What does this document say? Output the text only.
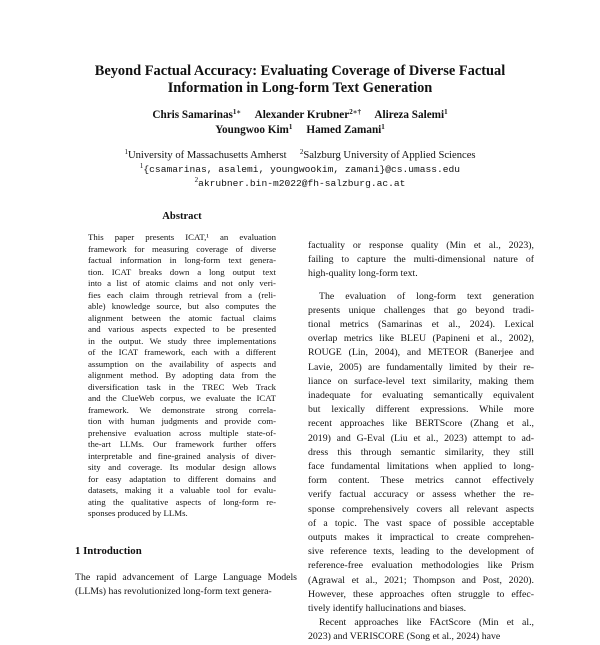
Beyond Factual Accuracy: Evaluating Coverage of Diverse Factual
Information in Long-form Text Generation
Chris Samarinas$^{1∗}$ Alexander Krubner$^{2∗\dagger}$ Alireza Salemi$^1$
Youngwoo Kim$^1$ Hamed Zamani$^1$
$^1$University of Massachusetts Amherst $^2$Salzburg University of Applied Sciences
$^1${csamarinas, asalemi, youngwookim, zamani}@cs.umass.edu
$^2$akrubner.bin-m2022@fh-salzburg.ac.at
Abstract
This paper presents ICAT,¹ an evaluation
framework for measuring coverage of diverse
factual information in long-form text genera-
tion. ICAT breaks down a long output text
into a list of atomic claims and not only veri-
fies each claim through retrieval from a (reli-
able) knowledge source, but also computes the
alignment between the atomic factual claims
and various aspects expected to be presented
in the output. We study three implementations
of the ICAT framework, each with a different
assumption on the availability of aspects and
alignment method. By adopting data from the
diversification task in the TREC Web Track
and the ClueWeb corpus, we evaluate the ICAT
framework. We demonstrate strong correla-
tion with human judgments and provide com-
prehensive evaluation across multiple state-of-
the-art LLMs. Our framework further offers
interpretable and fine-grained analysis of diver-
sity and coverage. Its modular design allows
for easy adaptation to different domains and
datasets, making it a valuable tool for evalu-
ating the qualitative aspects of long-form re-
sponses produced by LLMs.
1 Introduction
The rapid advancement of Large Language Models
(LLMs) has revolutionized long-form text genera-
factuality or response quality (Min et al., 2023),
failing to capture the multi-dimensional nature of
high-quality long-form text.
The evaluation of long-form text generation
presents unique challenges that go beyond tradi-
tional metrics (Samarinas et al., 2024). Lexical
overlap metrics like BLEU (Papineni et al., 2002),
ROUGE (Lin, 2004), and METEOR (Banerjee and
Lavie, 2005) are fundamentally limited by their re-
liance on surface-level text similarity, making them
inadequate for evaluating semantically equivalent
but lexically different expressions. While more
recent approaches like BERTScore (Zhang et al.,
2019) and G-Eval (Liu et al., 2023) attempt to ad-
dress this through semantic similarity, they still
face fundamental limitations when applied to long-
form content. These metrics cannot effectively
verify factual accuracy or assess whether the re-
sponse comprehensively covers all relevant aspects
of a topic. The vast space of possible acceptable
outputs makes it impractical to create comprehen-
sive reference texts, leading to the development of
reference-free evaluation methodologies like Prism
(Agrawal et al., 2021; Thompson and Post, 2020).
However, these approaches often struggle to effec-
tively identify hallucinations and biases.
Recent approaches like FActScore (Min et al.,
2023) and VERISCORE (Song et al., 2024) have
